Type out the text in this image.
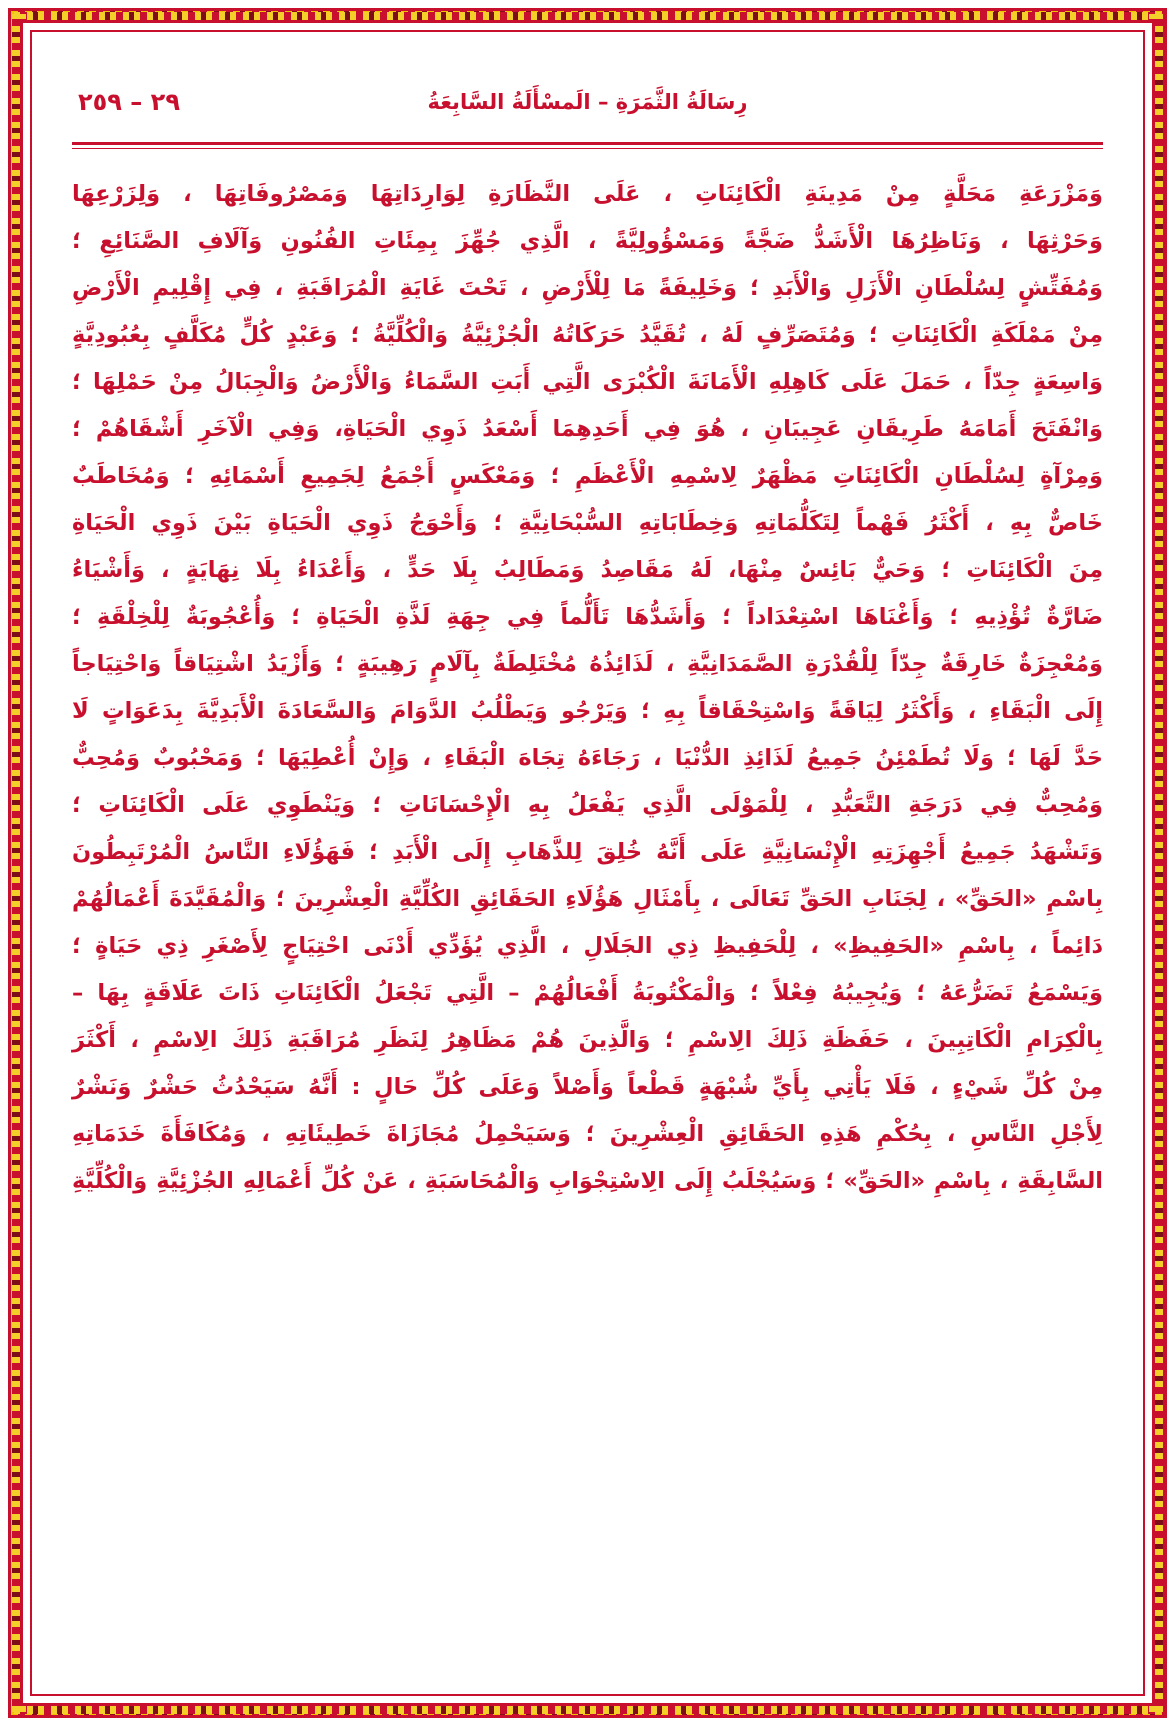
٢٩ – ٢٥٩	رِسَالَةُ الثَّمَرَةِ – الَمسْأَلَةُ السَّابِعَةُ

وَمَزْرَعَةِ مَحَلَّةٍ مِنْ مَدِينَةِ الْكَائِنَاتِ ، عَلَى النَّظَارَةِ لِوَارِدَاتِهَا وَمَصْرُوفَاتِهَا ، وَلِزَرْعِهَا

وَحَرْثِهَا ، وَنَاظِرُهَا الْأَشَدُّ ضَجَّةً وَمَسْؤُولِيَّةً ، الَّذِي جُهِّزَ بِمِئَاتِ الفُنُونِ وَآلَافِ الصَّنَائِعِ ؛

وَمُفَتِّشٍ لِسُلْطَانِ الْأَزَلِ وَالْأَبَدِ ؛ وَخَلِيفَةً مَا لِلْأَرْضِ ، تَحْتَ غَايَةِ الْمُرَاقَبَةِ ، فِي إِقْلِيمِ الْأَرْضِ

مِنْ مَمْلَكَةِ الْكَائِنَاتِ ؛ وَمُتَصَرِّفٍ لَهُ ، تُقَيَّدُ حَرَكَاتُهُ الْجُزْئِيَّةُ وَالْكُلِّيَّةُ ؛ وَعَبْدٍ كُلٍّ مُكَلَّفٍ بِعُبُودِيَّةٍ

وَاسِعَةٍ جِدّاً ، حَمَلَ عَلَى كَاهِلِهِ الْأَمَانَةَ الْكُبْرَى الَّتِي أَبَتِ السَّمَاءُ وَالْأَرْضُ وَالْجِبَالُ مِنْ حَمْلِهَا ؛

وَانْفَتَحَ أَمَامَهُ طَرِيقَانِ عَجِيبَانِ ، هُوَ فِي أَحَدِهِمَا أَسْعَدُ ذَوِي الْحَيَاةِ، وَفِي الْآخَرِ أَشْقَاهُمْ ؛

وَمِرْآةٍ لِسُلْطَانِ الْكَائِنَاتِ مَظْهَرٌ لِاسْمِهِ الْأَعْظَمِ ؛ وَمَعْكَسٍ أَجْمَعُ لِجَمِيعِ أَسْمَائِهِ ؛ وَمُخَاطَبٌ

خَاصٌّ بِهِ ، أَكْثَرُ فَهْماً لِتَكَلُّمَاتِهِ وَخِطَابَاتِهِ السُّبْحَانِيَّةِ ؛ وَأَحْوَجُ ذَوِي الْحَيَاةِ بَيْنَ ذَوِي الْحَيَاةِ

مِنَ الْكَائِنَاتِ ؛ وَحَيٌّ بَائِسٌ مِنْهَا، لَهُ مَقَاصِدُ وَمَطَالِبُ بِلَا حَدٍّ ، وَأَعْدَاءُ بِلَا نِهَايَةٍ ، وَأَشْيَاءُ

ضَارَّةٌ تُؤْذِيهِ ؛ وَأَغْنَاهَا اسْتِعْدَاداً ؛ وَأَشَدُّهَا تَأَلُّماً فِي جِهَةِ لَذَّةِ الْحَيَاةِ ؛ وَأُعْجُوبَةٌ لِلْخِلْقَةِ ؛

وَمُعْجِزَةٌ خَارِقَةٌ جِدّاً لِلْقُدْرَةِ الصَّمَدَانِيَّةِ ، لَذَائِذُهُ مُخْتَلِطَةٌ بِآلَامٍ رَهِيبَةٍ ؛ وَأَزْيَدُ اشْتِيَاقاً وَاحْتِيَاجاً

إِلَى الْبَقَاءِ ، وَأَكْثَرُ لِيَاقَةً وَاسْتِحْقَاقاً بِهِ ؛ وَيَرْجُو وَيَطْلُبُ الدَّوَامَ وَالسَّعَادَةَ الْأَبَدِيَّةَ بِدَعَوَاتٍ لَا

حَدَّ لَهَا ؛ وَلَا تُطَمْئِنُ جَمِيعُ لَذَائِذِ الدُّنْيَا ، رَجَاءَهُ تِجَاهَ الْبَقَاءِ ، وَإِنْ أُعْطِيَهَا ؛ وَمَحْبُوبٌ وَمُحِبٌّ

وَمُحِبٌّ فِي دَرَجَةِ التَّعَبُّدِ ، لِلْمَوْلَى الَّذِي يَفْعَلُ بِهِ الْإِحْسَانَاتِ ؛ وَيَنْطَوِي عَلَى الْكَائِنَاتِ ؛

وَتَشْهَدُ جَمِيعُ أَجْهِزَتِهِ الْإِنْسَانِيَّةِ عَلَى أَنَّهُ خُلِقَ لِلذَّهَابِ إِلَى الْأَبَدِ ؛ فَهَؤُلَاءِ النَّاسُ الْمُرْتَبِطُونَ

بِاسْمِ «الحَقِّ» ، لِجَنَابِ الحَقِّ تَعَالَى ، بِأَمْثَالِ هَؤُلَاءِ الحَقَائِقِ الكُلِّيَّةِ الْعِشْرِينَ ؛ وَالْمُقَيَّدَةَ أَعْمَالُهُمْ

دَائِماً ، بِاسْمِ «الحَفِيظِ» ، لِلْحَفِيظِ ذِي الجَلَالِ ، الَّذِي يُؤَدِّي أَدْنَى احْتِيَاجٍ لِأَصْغَرِ ذِي حَيَاةٍ ؛

وَيَسْمَعُ تَضَرُّعَهُ ؛ وَيُجِيبُهُ فِعْلاً ؛ وَالْمَكْتُوبَةُ أَفْعَالُهُمْ – الَّتِي تَجْعَلُ الْكَائِنَاتِ ذَاتَ عَلَاقَةٍ بِهَا –

بِالْكِرَامِ الْكَاتِبِينَ ، حَفَظَةِ ذَلِكَ الِاسْمِ ؛ وَالَّذِينَ هُمْ مَظَاهِرُ لِنَظَرِ مُرَاقَبَةِ ذَلِكَ الِاسْمِ ، أَكْثَرَ

مِنْ كُلِّ شَيْءٍ ، فَلَا يَأْتِي بِأَيِّ شُبْهَةٍ قَطْعاً وَأَصْلاً وَعَلَى كُلِّ حَالٍ : أَنَّهُ سَيَحْدُثُ حَشْرٌ وَنَشْرٌ

لِأَجْلِ النَّاسِ ، بِحُكْمِ هَذِهِ الحَقَائِقِ الْعِشْرِينَ ؛ وَسَيَحْمِلُ مُجَازَاةَ خَطِيئَاتِهِ ، وَمُكَافَأَةَ خَدَمَاتِهِ

السَّابِقَةِ ، بِاسْمِ «الحَقِّ» ؛ وَسَيُجْلَبُ إِلَى الِاسْتِجْوَابِ وَالْمُحَاسَبَةِ ، عَنْ كُلِّ أَعْمَالِهِ الجُزْئِيَّةِ وَالْكُلِّيَّةِ
